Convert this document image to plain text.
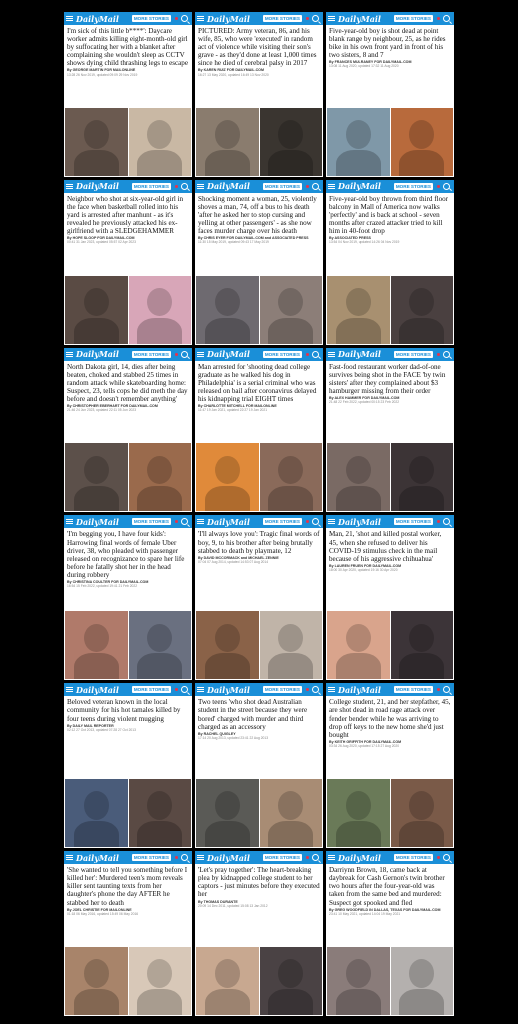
DailyMail	MORE STORIES
I'm sick of this little b****': Daycare worker admits killing eight-month-old girl by suffocating her with a blanket after complaining she wouldn't sleep as CCTV shows dying child thrashing legs to escape
By GEORGE MARTIN FOR MAILONLINE
13:28 26 Nov 2019, updated 09:09 29 Nov 2019
DailyMail	MORE STORIES
PICTURED: Army veteran, 86, and his wife, 85, who were 'executed' in random act of violence while visiting their son's grave - as they'd done at least 1,000 times since he died of cerebral palsy in 2017
By KAREN RUIZ FOR DAILYMAIL.COM
16:27 13 May 2020, updated 16:49 13 Nov 2020
DailyMail	MORE STORIES
Five-year-old boy is shot dead at point blank range by neighbour, 25, as he rides bike in his own front yard in front of his two sisters, 8 and 7
By FRANCES MULRANEY FOR DAILYMAIL.COM
13:08 11 Aug 2020, updated 17:32 11 Aug 2020
DailyMail	MORE STORIES
Neighbor who shot at six-year-old girl in the face when basketball rolled into his yard is arrested after manhunt - as it's revealed he previously attacked his ex-girlfriend with a SLEDGEHAMMER
By HOPE SLOOP FOR DAILYMAIL.COM
00:41 31 Jan 2023, updated 05:57 02 Apr 2023
DailyMail	MORE STORIES
Shocking moment a woman, 25, violently shoves a man, 74, off a bus to his death 'after he asked her to stop cursing and yelling at other passengers' - as she now faces murder charge over his death
By CHRIS EYER FOR DAILYMAIL.COM and ASSOCIATED PRESS
11:30 15 May 2019, updated 09:43 17 May 2019
DailyMail	MORE STORIES
Five-year-old boy thrown from third floor balcony in Mall of America now walks 'perfectly' and is back at school - seven months after crazed attacker tried to kill him in 40-foot drop
By ASSOCIATED PRESS
13:54 04 Nov 2019, updated 14:26 04 Nov 2019
DailyMail	MORE STORIES
North Dakota girl, 14, dies after being beaten, choked and stabbed 25 times in random attack while skateboarding home: Suspect, 23, tells cops he did meth the day before and doesn't remember anything'
By CHRISTOPHER EBERHART FOR DAILYMAIL.COM
21:46 24 Jun 2023, updated 22:11 05 Jun 2023
DailyMail	MORE STORIES
Man arrested for 'shooting dead college graduate as he walked his dog in Philadelphia' is a serial criminal who was released on bail after coronavirus delayed his kidnapping trial EIGHT times
By CHARLOTTE MITCHELL FOR MAILONLINE
11:47 19 Jan 2021, updated 22:27 19 Jan 2021
DailyMail	MORE STORIES
Fast-food restaurant worker dad-of-one survives being shot in the FACE 'by twin sisters' after they complained about $3 hamburger missing from their order
By ALEX HAMMER FOR DAILYMAIL.COM
21:48 22 Feb 2022, updated 00:15 23 Feb 2022
DailyMail	MORE STORIES
'I'm begging you, I have four kids': Harrowing final words of female Uber driver, 38, who pleaded with passenger released on recognizance to spare her life before he fatally shot her in the head during robbery
By CHRISTINA COULTER FOR DAILYMAIL.COM
16:54 15 Feb 2022, updated 19:41 21 Feb 2022
DailyMail	MORE STORIES
'I'll always love you': Tragic final words of boy, 9, to his brother after being brutally stabbed to death by playmate, 12
By DAVID MCCORMACK and MICHAEL ZENNIE
07:04 07 Aug 2014, updated 14:53 07 Aug 2014
DailyMail	MORE STORIES
Man, 21, 'shot and killed postal worker, 45, when she refused to deliver his COVID-19 stimulus check in the mail because of his aggressive chihuahua'
By LAUREN FRUEN FOR DAILYMAIL.COM
18:00 30 Apr 2020, updated 19:16 30 Apr 2020
DailyMail	MORE STORIES
Beloved veteran known in the local community for his hot tamales killed by four teens during violent mugging
By DAILY MAIL REPORTER
02:12 27 Oct 2013, updated 07:28 27 Oct 2013
DailyMail	MORE STORIES
Two teens 'who shot dead Australian student in the street because they were bored' charged with murder and third charged as an accessory
By RACHEL QUIGLEY
17:14 20 Aug 2013, updated 23:41 22 Aug 2013
DailyMail	MORE STORIES
College student, 21, and her stepfather, 45, are shot dead in road rage attack over fender bender while he was arriving to drop off keys to the new home she'd just bought
By KEITH GRIFFITH FOR DAILYMAIL.COM
03:34 26 Aug 2020, updated 17:15 27 Aug 2020
DailyMail	MORE STORIES
'She wanted to tell you something before I killed her': Murdered teen's mom reveals killer sent taunting texts from her daughter's phone the day AFTER he stabbed her to death
By JOEL CHRISTIE FOR MAILONLINE
01:18 06 May 2016, updated 15:49 06 May 2016
DailyMail	MORE STORIES
'Let's pray together': The heart-breaking plea by kidnapped college student to her captors - just minutes before they executed her
By THOMAS DURANTE
20:09 14 Dec 2011, updated 15:08 13 Jan 2012
DailyMail	MORE STORIES
Darriynn Brown, 18, came back at daybreak for Cash Gernon's twin brother two hours after the four-year-old was taken from the same bed and murdered: Suspect got spooked and fled
By GREG WOODFIELD IN DALLAS, TEXAS FOR DAILYMAIL.COM
23:41 10 May 2021, updated 14:04 19 May 2021
